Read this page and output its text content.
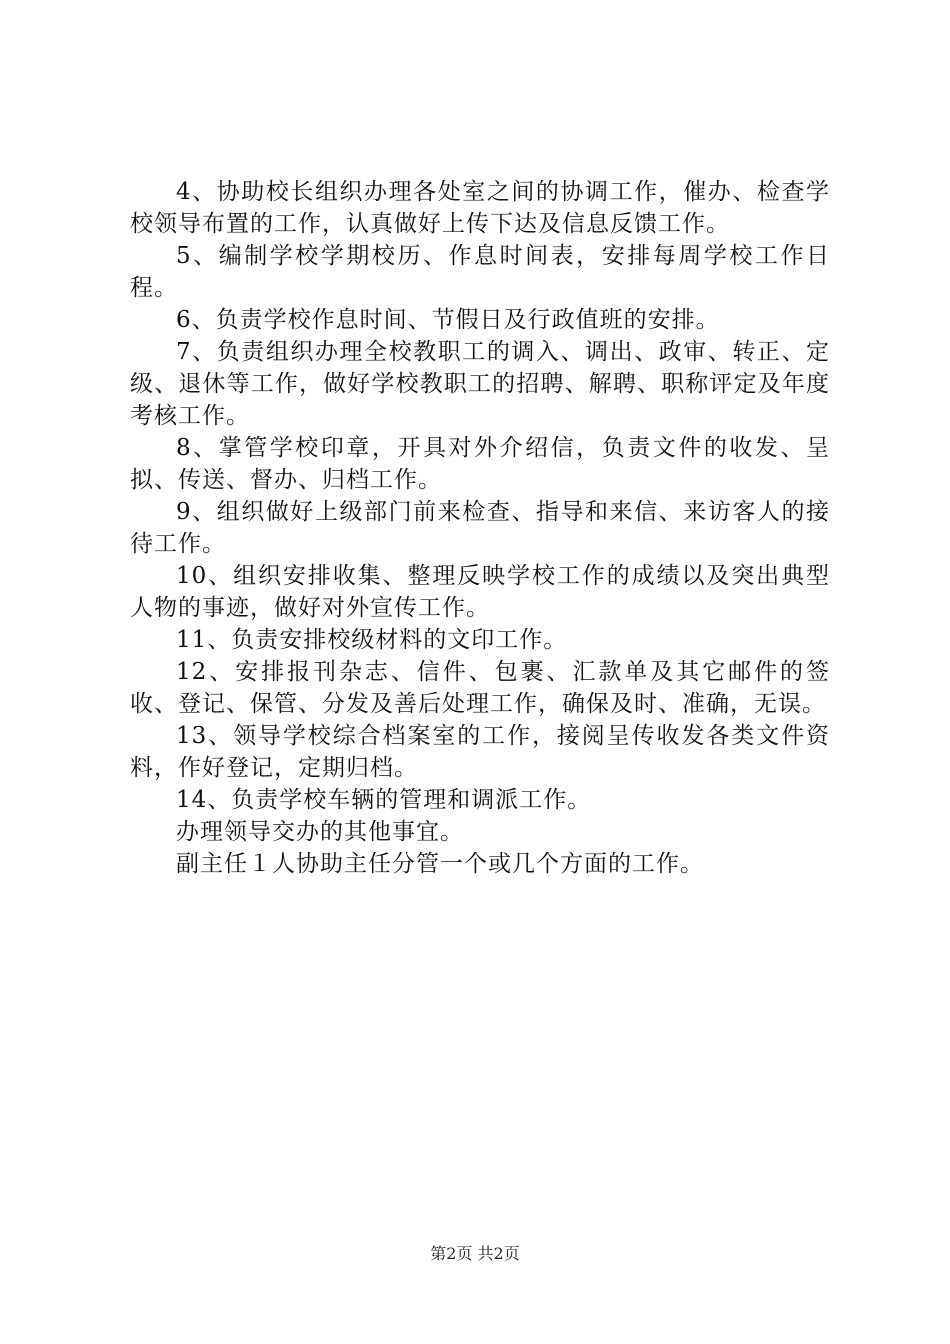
4、协助校长组织办理各处室之间的协调工作，催办、检查学校领导布置的工作，认真做好上传下达及信息反馈工作。

5、编制学校学期校历、作息时间表，安排每周学校工作日程。

6、负责学校作息时间、节假日及行政值班的安排。

7、负责组织办理全校教职工的调入、调出、政审、转正、定级、退休等工作，做好学校教职工的招聘、解聘、职称评定及年度考核工作。

8、掌管学校印章，开具对外介绍信，负责文件的收发、呈拟、传送、督办、归档工作。

9、组织做好上级部门前来检查、指导和来信、来访客人的接待工作。

10、组织安排收集、整理反映学校工作的成绩以及突出典型人物的事迹，做好对外宣传工作。

11、负责安排校级材料的文印工作。

12、安排报刊杂志、信件、包裹、汇款单及其它邮件的签收、登记、保管、分发及善后处理工作，确保及时、准确，无误。

13、领导学校综合档案室的工作，接阅呈传收发各类文件资料，作好登记，定期归档。

14、负责学校车辆的管理和调派工作。

办理领导交办的其他事宜。

副主任１人协助主任分管一个或几个方面的工作。

第2页 共2页
